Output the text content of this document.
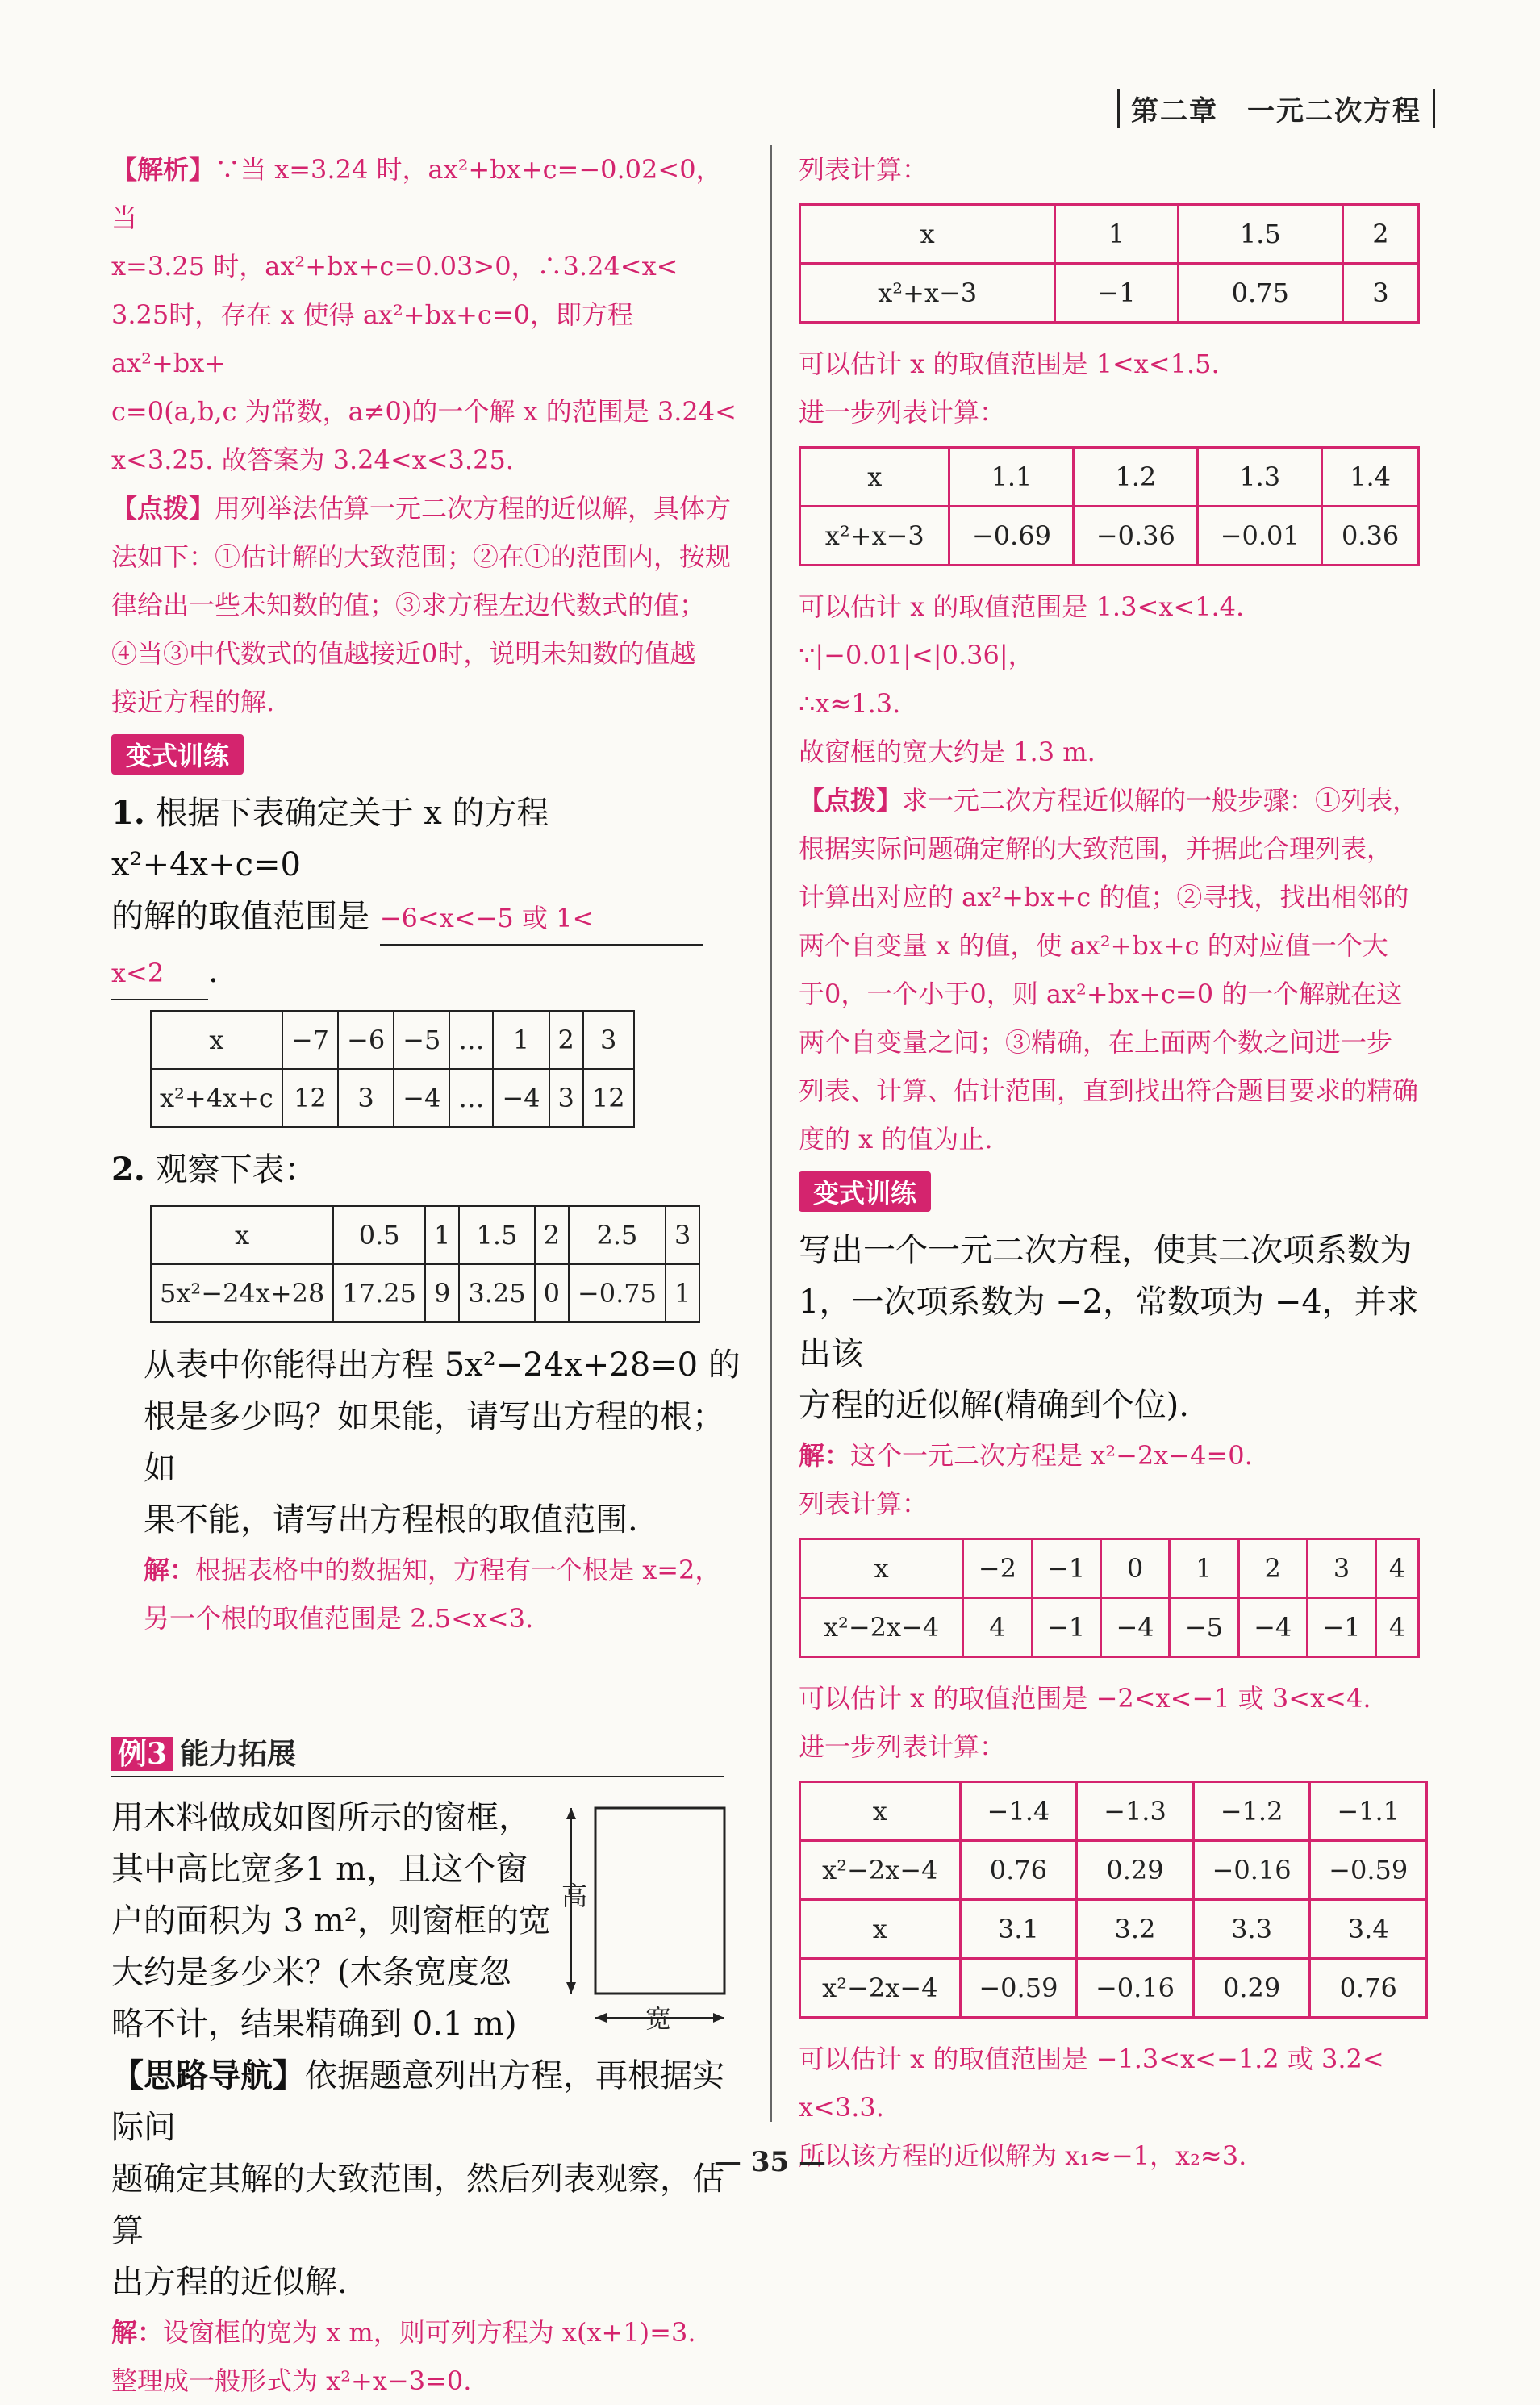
第二章　一元二次方程
【解析】∵当 x=3.24 时，ax²+bx+c=−0.02<0，当
x=3.25 时，ax²+bx+c=0.03>0，∴3.24<x<
3.25时，存在 x 使得 ax²+bx+c=0，即方程 ax²+bx+
c=0(a,b,c 为常数，a≠0)的一个解 x 的范围是 3.24<
x<3.25. 故答案为 3.24<x<3.25.
【点拨】用列举法估算一元二次方程的近似解，具体方
法如下：①估计解的大致范围；②在①的范围内，按规
律给出一些未知数的值；③求方程左边代数式的值；
④当③中代数式的值越接近0时，说明未知数的值越
接近方程的解.
变式训练
1. 根据下表确定关于 x 的方程 x²+4x+c=0
的解的取值范围是 −6<x<−5 或 1<
x<2 .
x	−7	−6	−5	…	1	2	3
x²+4x+c	12	3	−4	…	−4	3	12
2. 观察下表：
x	0.5	1	1.5	2	2.5	3
5x²−24x+28	17.25	9	3.25	0	−0.75	1
从表中你能得出方程 5x²−24x+28=0 的
根是多少吗？如果能，请写出方程的根；如
果不能，请写出方程根的取值范围.
解：根据表格中的数据知，方程有一个根是 x=2，
另一个根的取值范围是 2.5<x<3.
例3 能力拓展
用木料做成如图所示的窗框，
其中高比宽多1 m，且这个窗
户的面积为 3 m²，则窗框的宽
大约是多少米？(木条宽度忽
略不计，结果精确到 0.1 m)
高
宽
【思路导航】依据题意列出方程，再根据实际问
题确定其解的大致范围，然后列表观察，估算
出方程的近似解.
解：设窗框的宽为 x m，则可列方程为 x(x+1)=3.
整理成一般形式为 x²+x−3=0.
列表计算：
x	1	1.5	2
x²+x−3	−1	0.75	3
可以估计 x 的取值范围是 1<x<1.5.
进一步列表计算：
x	1.1	1.2	1.3	1.4
x²+x−3	−0.69	−0.36	−0.01	0.36
可以估计 x 的取值范围是 1.3<x<1.4.
∵|−0.01|<|0.36|，
∴x≈1.3.
故窗框的宽大约是 1.3 m.
【点拨】求一元二次方程近似解的一般步骤：①列表，
根据实际问题确定解的大致范围，并据此合理列表，
计算出对应的 ax²+bx+c 的值；②寻找，找出相邻的
两个自变量 x 的值，使 ax²+bx+c 的对应值一个大
于0，一个小于0，则 ax²+bx+c=0 的一个解就在这
两个自变量之间；③精确，在上面两个数之间进一步
列表、计算、估计范围，直到找出符合题目要求的精确
度的 x 的值为止.
变式训练
写出一个一元二次方程，使其二次项系数为
1，一次项系数为 −2，常数项为 −4，并求出该
方程的近似解(精确到个位).
解：这个一元二次方程是 x²−2x−4=0.
列表计算：
x	−2	−1	0	1	2	3	4
x²−2x−4	4	−1	−4	−5	−4	−1	4
可以估计 x 的取值范围是 −2<x<−1 或 3<x<4.
进一步列表计算：
x	−1.4	−1.3	−1.2	−1.1
x²−2x−4	0.76	0.29	−0.16	−0.59
x	3.1	3.2	3.3	3.4
x²−2x−4	−0.59	−0.16	0.29	0.76
可以估计 x 的取值范围是 −1.3<x<−1.2 或 3.2<
x<3.3.
所以该方程的近似解为 x₁≈−1，x₂≈3.
— 35 —
